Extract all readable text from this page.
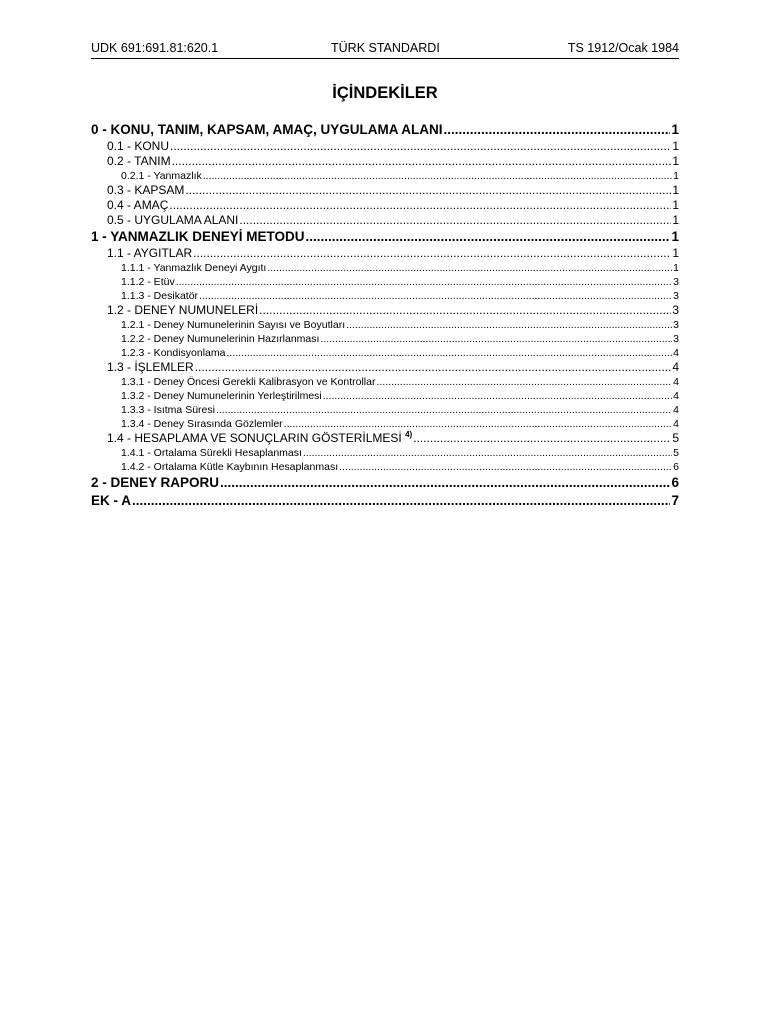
UDK 691:691.81:620.1	TÜRK STANDARDI	TS 1912/Ocak 1984
İÇİNDEKİLER
0 - KONU, TANIM, KAPSAM, AMAÇ, UYGULAMA ALANI .....	1
0.1 - KONU .....	1
0.2 - TANIM .....	1
0.2.1 - Yanmazlık .....	1
0.3 - KAPSAM .....	1
0.4 - AMAÇ .....	1
0.5 - UYGULAMA ALANI .....	1
1 - YANMAZLIK DENEYİ METODU .....	1
1.1 - AYGITLAR .....	1
1.1.1 - Yanmazlık Deneyi Aygıtı .....	1
1.1.2 - Etüv .....	3
1.1.3 - Desikatör .....	3
1.2 - DENEY NUMUNELERİ .....	3
1.2.1 - Deney Numunelerinin Sayısı ve Boyutları .....	3
1.2.2 - Deney Numunelerinin Hazırlanması .....	3
1.2.3 - Kondisyonlama .....	4
1.3 - İŞLEMLER .....	4
1.3.1 - Deney Öncesi Gerekli Kalibrasyon ve Kontrollar .....	4
1.3.2 - Deney Numunelerinin Yerleştirilmesi .....	4
1.3.3 - Isıtma Süresi .....	4
1.3.4 - Deney Sırasında Gözlemler .....	4
1.4 - HESAPLAMA VE SONUÇLARIN GÖSTERİLMESİ $^{4)}$ .....	5
1.4.1 - Ortalama Sürekli Hesaplanması .....	5
1.4.2 - Ortalama Kütle Kaybının Hesaplanması .....	6
2 - DENEY RAPORU .....	6
EK - A .....	7
